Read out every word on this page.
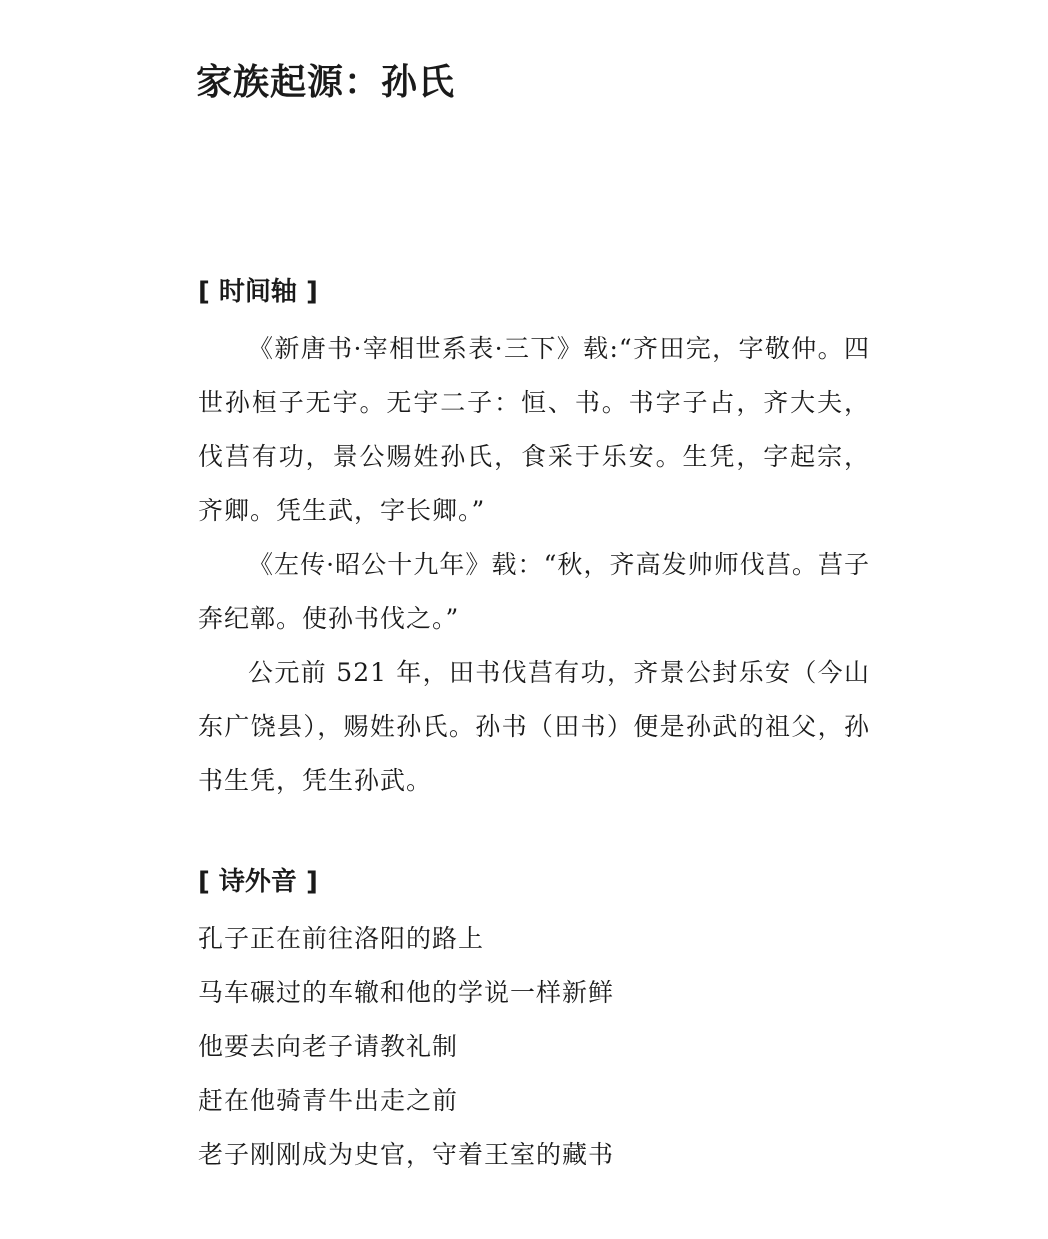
家族起源：孙氏
[ 时间轴 ]

《新唐书·宰相世系表·三下》载:“齐田完，字敬仲。四世孙桓子无宇。无宇二子：恒、书。书字子占，齐大夫，伐莒有功，景公赐姓孙氏，食采于乐安。生凭，字起宗，齐卿。凭生武，字长卿。”

《左传·昭公十九年》载：“秋，齐高发帅师伐莒。莒子奔纪鄣。使孙书伐之。”

公元前 521 年，田书伐莒有功，齐景公封乐安（今山东广饶县），赐姓孙氏。孙书（田书）便是孙武的祖父，孙书生凭，凭生孙武。

[ 诗外音 ]
孔子正在前往洛阳的路上
马车碾过的车辙和他的学说一样新鲜
他要去向老子请教礼制
赶在他骑青牛出走之前
老子刚刚成为史官，守着王室的藏书
